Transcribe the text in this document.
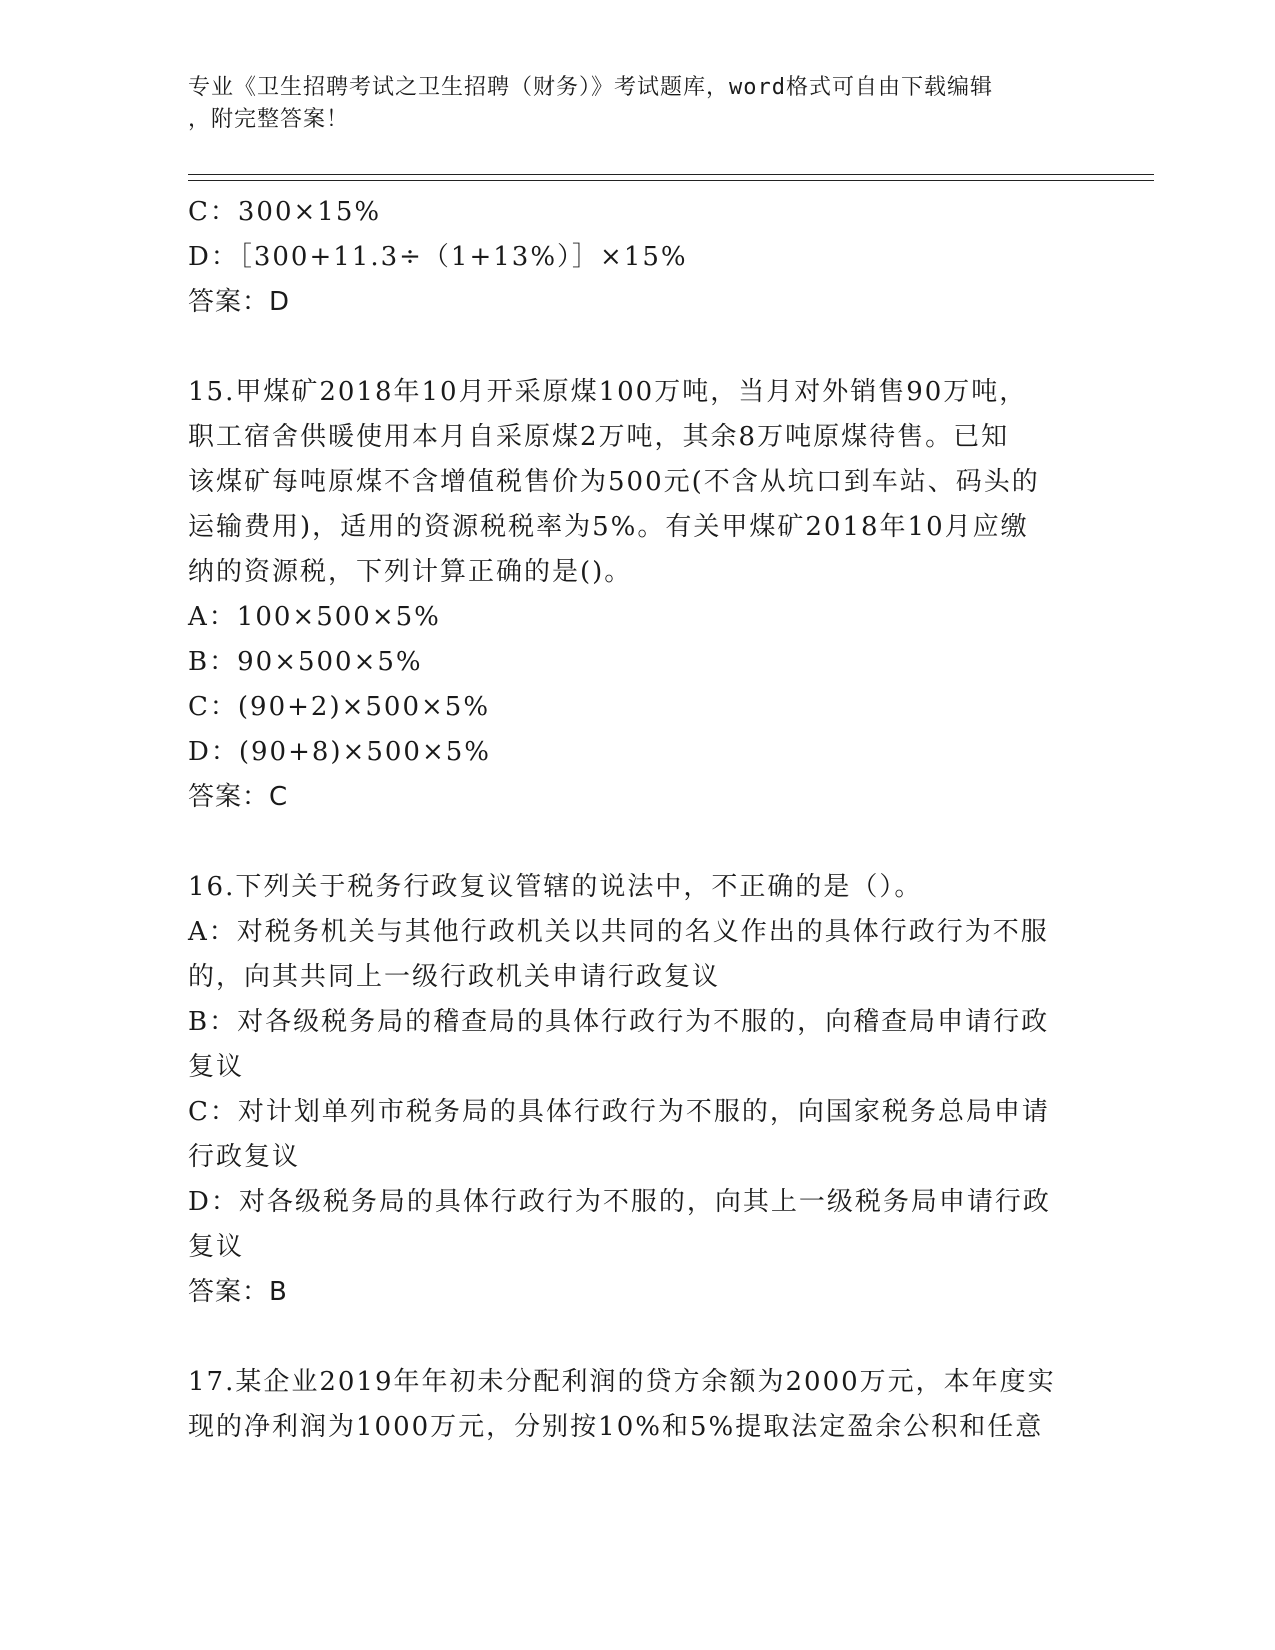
专业《卫生招聘考试之卫生招聘（财务）》考试题库，word格式可自由下载编辑
，附完整答案！
C：300×15%
D：［300+11.3÷（1+13%）］×15%
答案：D
15.甲煤矿2018年10月开采原煤100万吨，当月对外销售90万吨，
职工宿舍供暖使用本月自采原煤2万吨，其余8万吨原煤待售。已知
该煤矿每吨原煤不含增值税售价为500元(不含从坑口到车站、码头的
运输费用)，适用的资源税税率为5%。有关甲煤矿2018年10月应缴
纳的资源税，下列计算正确的是()。
A：100×500×5%
B：90×500×5%
C：(90+2)×500×5%
D：(90+8)×500×5%
答案：C
16.下列关于税务行政复议管辖的说法中，不正确的是（）。
A：对税务机关与其他行政机关以共同的名义作出的具体行政行为不服
的，向其共同上一级行政机关申请行政复议
B：对各级税务局的稽查局的具体行政行为不服的，向稽查局申请行政
复议
C：对计划单列市税务局的具体行政行为不服的，向国家税务总局申请
行政复议
D：对各级税务局的具体行政行为不服的，向其上一级税务局申请行政
复议
答案：B
17.某企业2019年年初未分配利润的贷方余额为2000万元，本年度实
现的净利润为1000万元，分别按10%和5%提取法定盈余公积和任意
